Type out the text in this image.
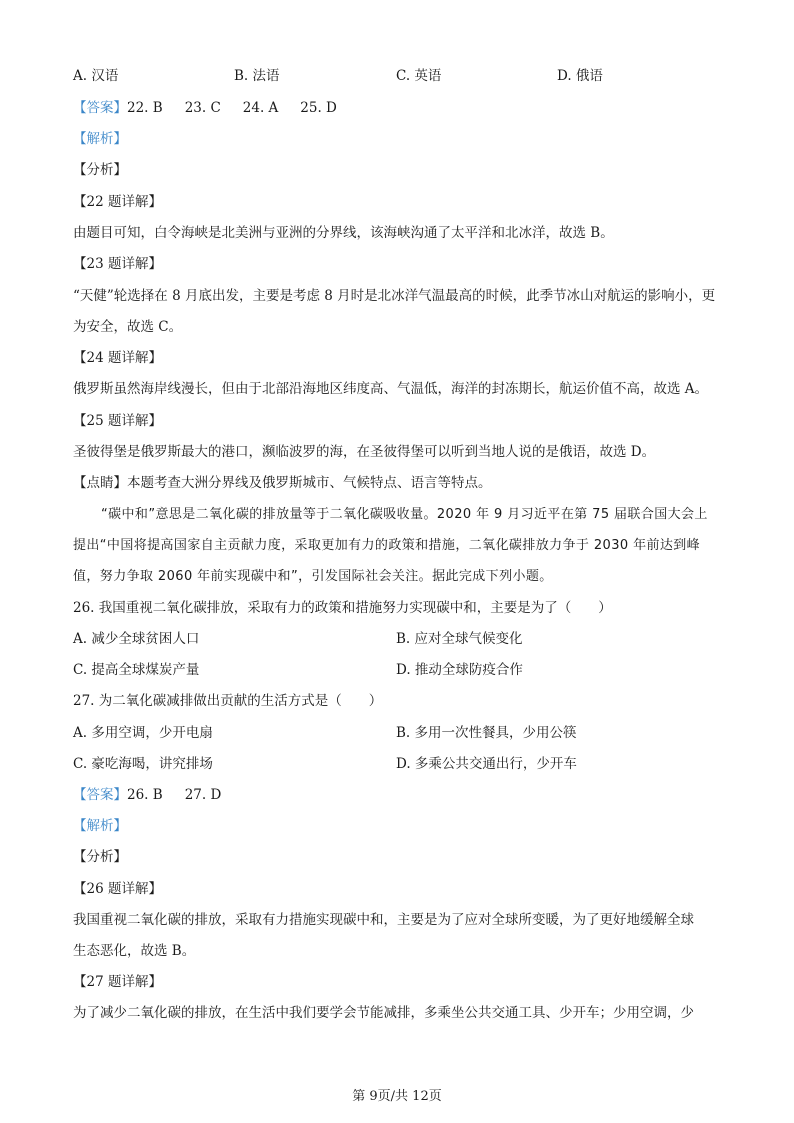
A. 汉语	B. 法语	C. 英语	D. 俄语
【答案】22. B 23. C 24. A 25. D
【解析】
【分析】
【22 题详解】
由题目可知，白令海峡是北美洲与亚洲的分界线，该海峡沟通了太平洋和北冰洋，故选 B。
【23 题详解】
“天健”轮选择在 8 月底出发，主要是考虑 8 月时是北冰洋气温最高的时候，此季节冰山对航运的影响小，更
为安全，故选 C。
【24 题详解】
俄罗斯虽然海岸线漫长，但由于北部沿海地区纬度高、气温低，海洋的封冻期长，航运价值不高，故选 A。
【25 题详解】
圣彼得堡是俄罗斯最大的港口，濒临波罗的海，在圣彼得堡可以听到当地人说的是俄语，故选 D。
【点睛】本题考查大洲分界线及俄罗斯城市、气候特点、语言等特点。
“碳中和”意思是二氧化碳的排放量等于二氧化碳吸收量。2020 年 9 月习近平在第 75 届联合国大会上
提出“中国将提高国家自主贡献力度，采取更加有力的政策和措施，二氧化碳排放力争于 2030 年前达到峰
值，努力争取 2060 年前实现碳中和”，引发国际社会关注。据此完成下列小题。
26. 我国重视二氧化碳排放，采取有力的政策和措施努力实现碳中和，主要是为了（　　）
A. 减少全球贫困人口	B. 应对全球气候变化
C. 提高全球煤炭产量	D. 推动全球防疫合作
27. 为二氧化碳减排做出贡献的生活方式是（　　）
A. 多用空调，少开电扇	B. 多用一次性餐具，少用公筷
C. 豪吃海喝，讲究排场	D. 多乘公共交通出行，少开车
【答案】26. B 27. D
【解析】
【分析】
【26 题详解】
我国重视二氧化碳的排放，采取有力措施实现碳中和，主要是为了应对全球所变暖，为了更好地缓解全球
生态恶化，故选 B。
【27 题详解】
为了减少二氧化碳的排放，在生活中我们要学会节能减排，多乘坐公共交通工具、少开车；少用空调，少
第 9页/共 12页
